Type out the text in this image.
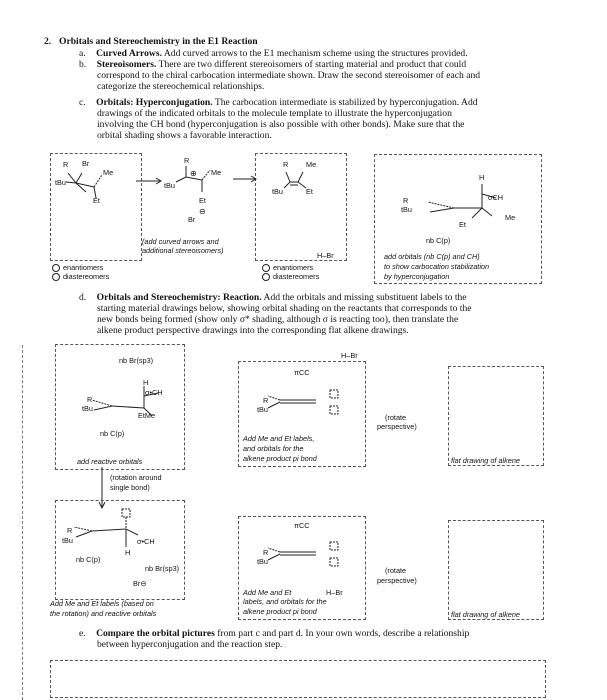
2. Orbitals and Stereochemistry in the E1 Reaction
a. Curved Arrows. Add curved arrows to the E1 mechanism scheme using the structures provided.
b. Stereoisomers. There are two different stereoisomers of starting material and product that could
correspond to the chiral carbocation intermediate shown. Draw the second stereoisomer of each and
categorize the stereochemical relationships.
c. Orbitals: Hyperconjugation. The carbocation intermediate is stabilized by hyperconjugation. Add
drawings of the indicated orbitals to the molecule template to illustrate the hyperconjugation
involving the CH bond (hyperconjugation is also possible with other bonds). Make sure that the
orbital shading shows a favorable interaction.
R Br
Me
tBu
Et
R
⊕ Me
tBu
Et
Br
⊖
R Me
tBu	Et
(add curved arrows and
additional stereoisomers)
H–Br
enantiomers
diastereomers
enantiomers
diastereomers
H
σCH
R
tBu
Me
Et
nb C(p)
add orbitals (nb C(p) and CH)
to show carbocation stabilization
by hyperconjugation
d. Orbitals and Stereochemistry: Reaction. Add the orbitals and missing substituent labels to the
starting material drawings below, showing orbital shading on the reactants that corresponds to the
new bonds being formed (show only σ* shading, although σ is reacting too), then translate the
alkene product perspective drawings into the corresponding flat alkene drawings.
H–Br
nb Br(sp3)
πCC
H
σ•CH
R
tBu
EtMe
nb C(p)
add reactive orbitals
R
tBu
Add Me and Et labels,
and orbitals for the
alkene product pi bond
(rotate
perspective)
flat drawing of alkene
(rotation around
single bond)
R
tBu	σ•CH
nb C(p)
H
nb Br(sp3)
Br⊖
Add Me and Et labels (based on
the rotation) and reactive orbitals
πCC
R
tBu
Add Me and Et	H–Br
labels, and orbitals for the
alkene product pi bond
(rotate
perspective)
flat drawing of alkene
e. Compare the orbital pictures from part c and part d. In your own words, describe a relationship
between hyperconjugation and the reaction step.
